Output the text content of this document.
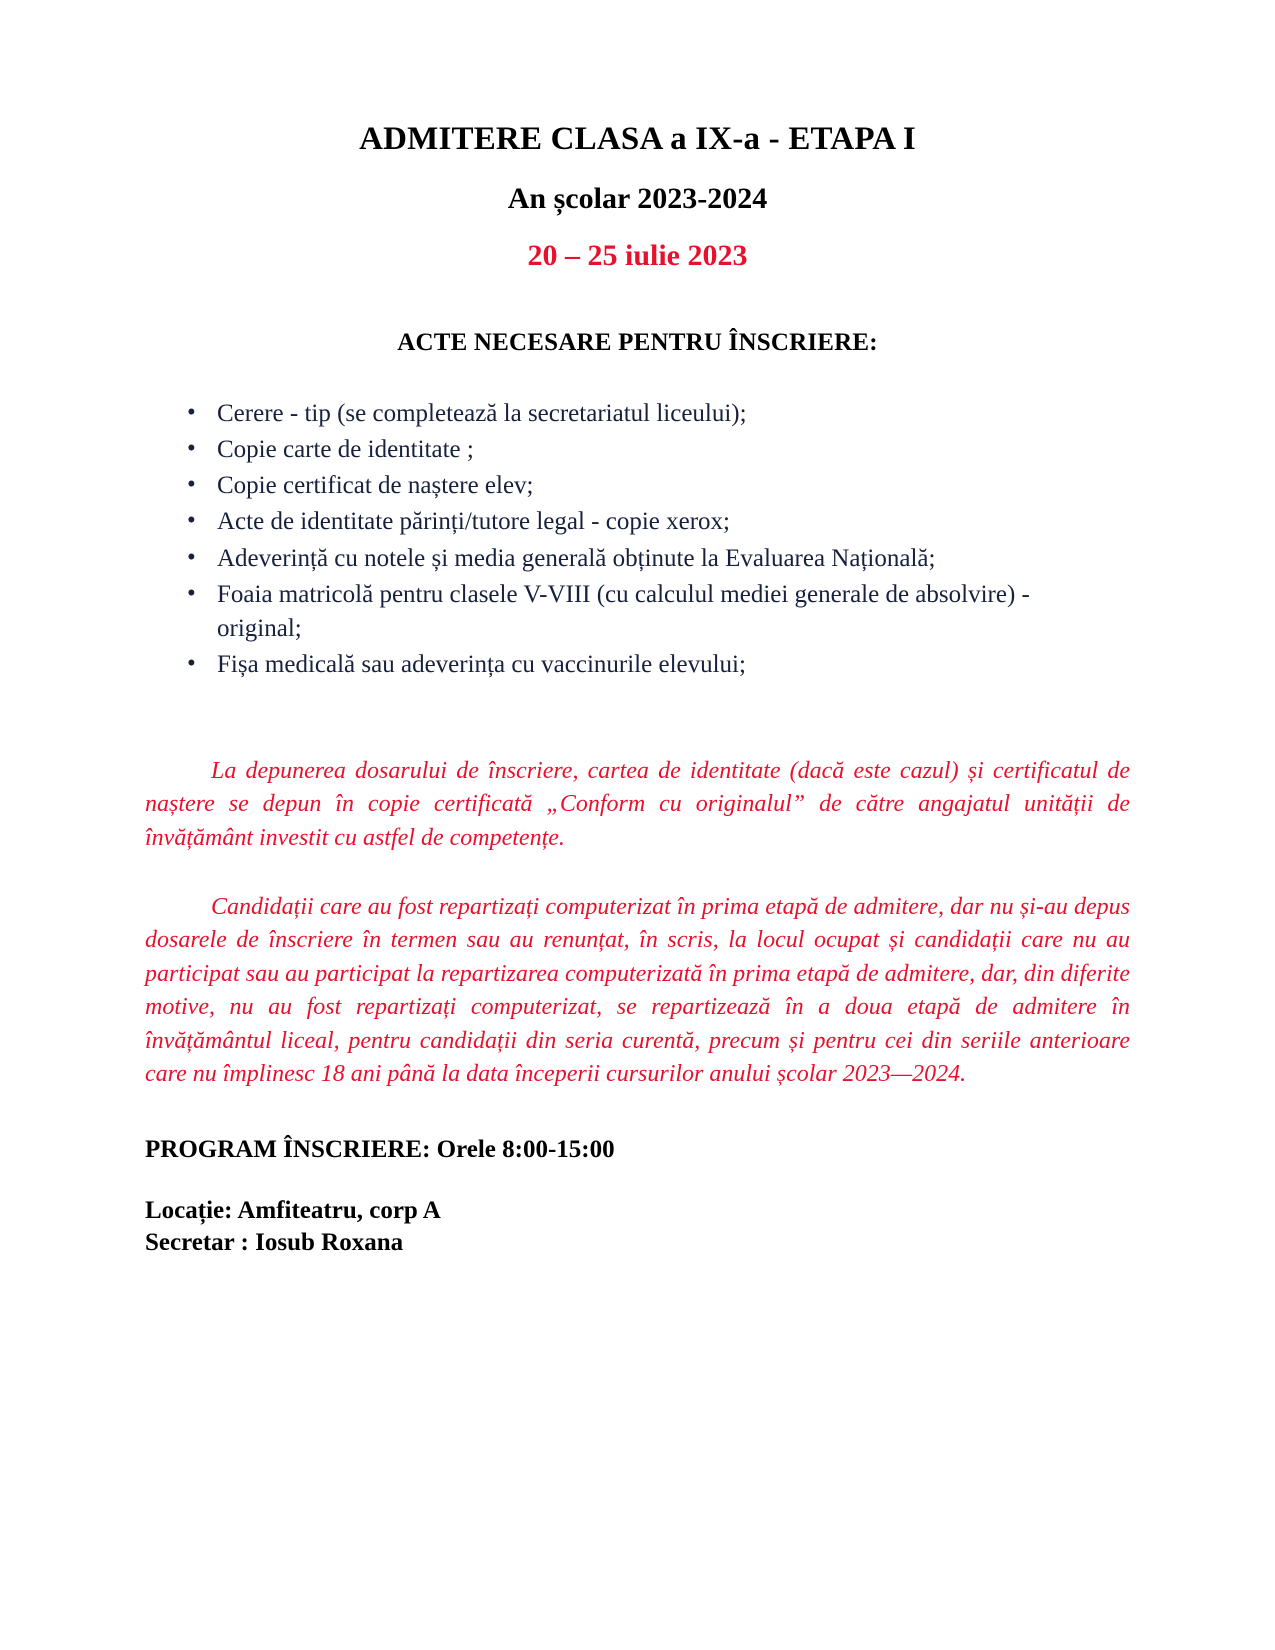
ADMITERE CLASA a IX-a - ETAPA I
An școlar 2023-2024
20 – 25 iulie 2023
ACTE NECESARE PENTRU ÎNSCRIERE:
• Cerere - tip (se completează la secretariatul liceului);
• Copie carte de identitate ;
• Copie certificat de naștere elev;
• Acte de identitate părinți/tutore legal - copie xerox;
• Adeverință cu notele și media generală obținute la Evaluarea Națională;
• Foaia matricolă pentru clasele V-VIII (cu calculul mediei generale de absolvire) - original;
• Fișa medicală sau adeverința cu vaccinurile elevului;

La depunerea dosarului de înscriere, cartea de identitate (dacă este cazul) și certificatul de naștere se depun în copie certificată „Conform cu originalul” de către angajatul unității de învățământ investit cu astfel de competențe.

Candidații care au fost repartizați computerizat în prima etapă de admitere, dar nu și-au depus dosarele de înscriere în termen sau au renunțat, în scris, la locul ocupat și candidații care nu au participat sau au participat la repartizarea computerizată în prima etapă de admitere, dar, din diferite motive, nu au fost repartizați computerizat, se repartizează în a doua etapă de admitere în învățământul liceal, pentru candidații din seria curentă, precum și pentru cei din seriile anterioare care nu împlinesc 18 ani până la data începerii cursurilor anului școlar 2023—2024.

PROGRAM ÎNSCRIERE: Orele 8:00-15:00

Locație: Amfiteatru, corp A

Secretar : Iosub Roxana
